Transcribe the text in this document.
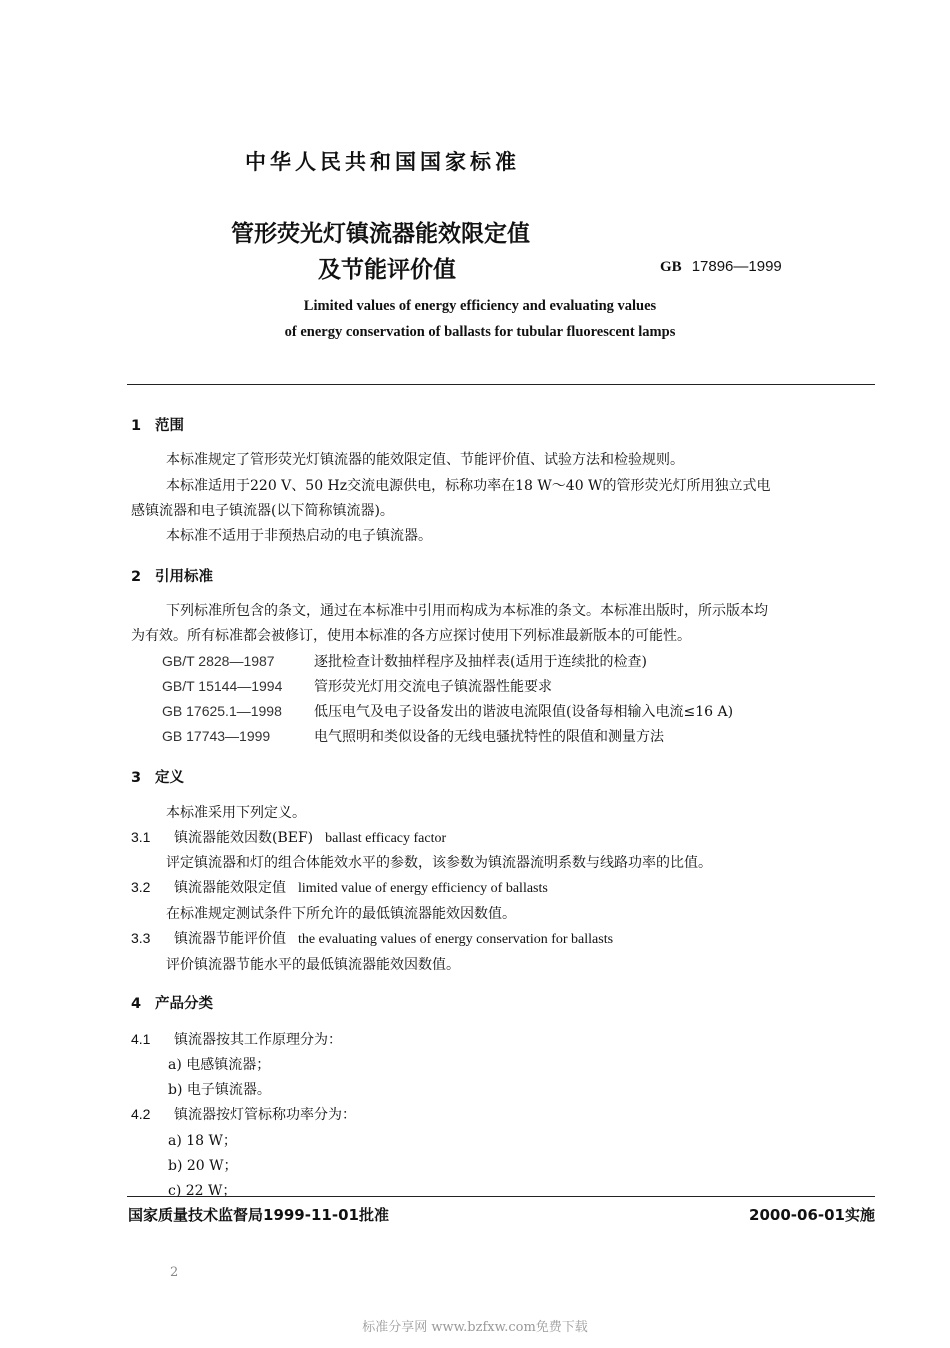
中华人民共和国国家标准
管形荧光灯镇流器能效限定值
及节能评价值	GB 17896—1999
Limited values of energy efficiency and evaluating values
of energy conservation of ballasts for tubular fluorescent lamps
1 范围
本标准规定了管形荧光灯镇流器的能效限定值、节能评价值、试验方法和检验规则。
本标准适用于220 V、50 Hz交流电源供电，标称功率在18 W～40 W的管形荧光灯所用独立式电
感镇流器和电子镇流器(以下简称镇流器)。
本标准不适用于非预热启动的电子镇流器。
2 引用标准
下列标准所包含的条文，通过在本标准中引用而构成为本标准的条文。本标准出版时，所示版本均
为有效。所有标准都会被修订，使用本标准的各方应探讨使用下列标准最新版本的可能性。
GB/T 2828—1987	逐批检查计数抽样程序及抽样表(适用于连续批的检查)
GB/T 15144—1994 管形荧光灯用交流电子镇流器性能要求
GB 17625.1—1998 低压电气及电子设备发出的谐波电流限值(设备每相输入电流≤16 A)
GB 17743—1999	电气照明和类似设备的无线电骚扰特性的限值和测量方法
3 定义
本标准采用下列定义。
3.1 镇流器能效因数(BEF) ballast efficacy factor
评定镇流器和灯的组合体能效水平的参数，该参数为镇流器流明系数与线路功率的比值。
3.2 镇流器能效限定值 limited value of energy efficiency of ballasts
在标准规定测试条件下所允许的最低镇流器能效因数值。
3.3 镇流器节能评价值 the evaluating values of energy conservation for ballasts
评价镇流器节能水平的最低镇流器能效因数值。
4 产品分类
4.1 镇流器按其工作原理分为：
a) 电感镇流器；
b) 电子镇流器。
4.2 镇流器按灯管标称功率分为：
a) 18 W；
b) 20 W；
c) 22 W；
国家质量技术监督局1999-11-01批准	2000-06-01实施
2
标准分享网 www.bzfxw.com免费下载
